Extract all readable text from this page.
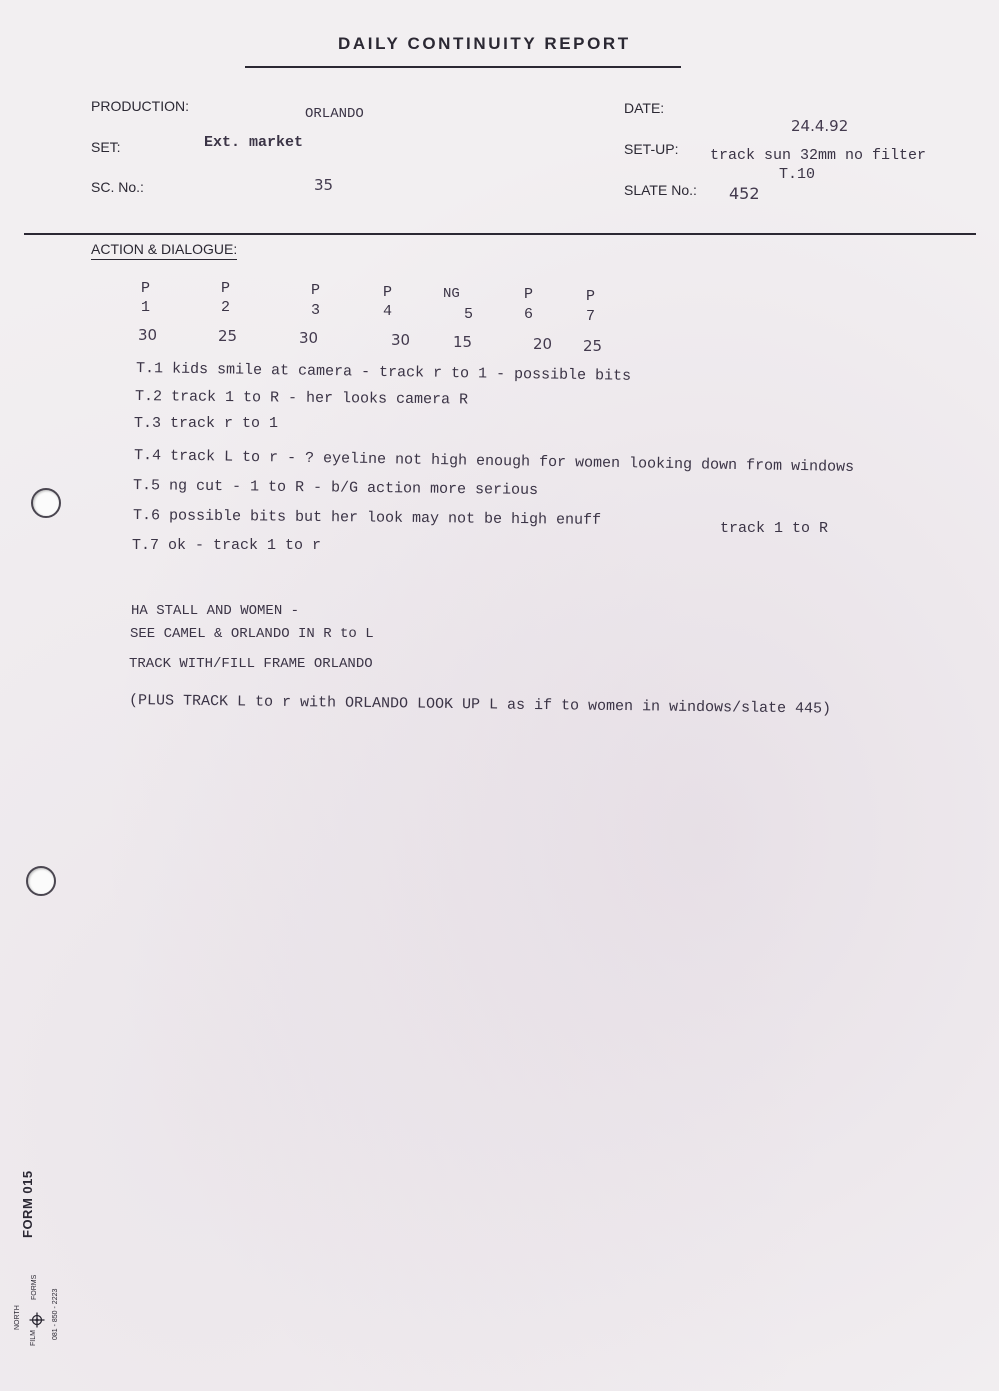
DAILY CONTINUITY REPORT
PRODUCTION:
SET:
SC. No.:
DATE:
SET-UP:
SLATE No.:
ORLANDO
Ext. market
35
24.4.92
track sun 32mm no filter
T.10
452
ACTION & DIALOGUE:
P
1
30
P
2
25
P
3
30
P
4
30
NG
5
15
P
6
20
P
7
25
T.1 kids smile at camera - track r to 1 - possible bits
T.2 track 1 to R - her looks camera R
T.3 track r to 1
T.4 track L to r - ? eyeline not high enough for women looking down from windows
T.5 ng cut - 1 to R - b/G action more serious
T.6 possible bits but her look may not be high enuff	track 1 to R
T.7 ok - track 1 to r
HA STALL AND WOMEN -
SEE CAMEL & ORLANDO IN R to L
TRACK WITH/FILL FRAME ORLANDO
(PLUS TRACK L to r with ORLANDO LOOK UP L as if to women in windows/slate 445)
FORM 015
NORTH
FILM
FORMS
081 - 850 - 2223
